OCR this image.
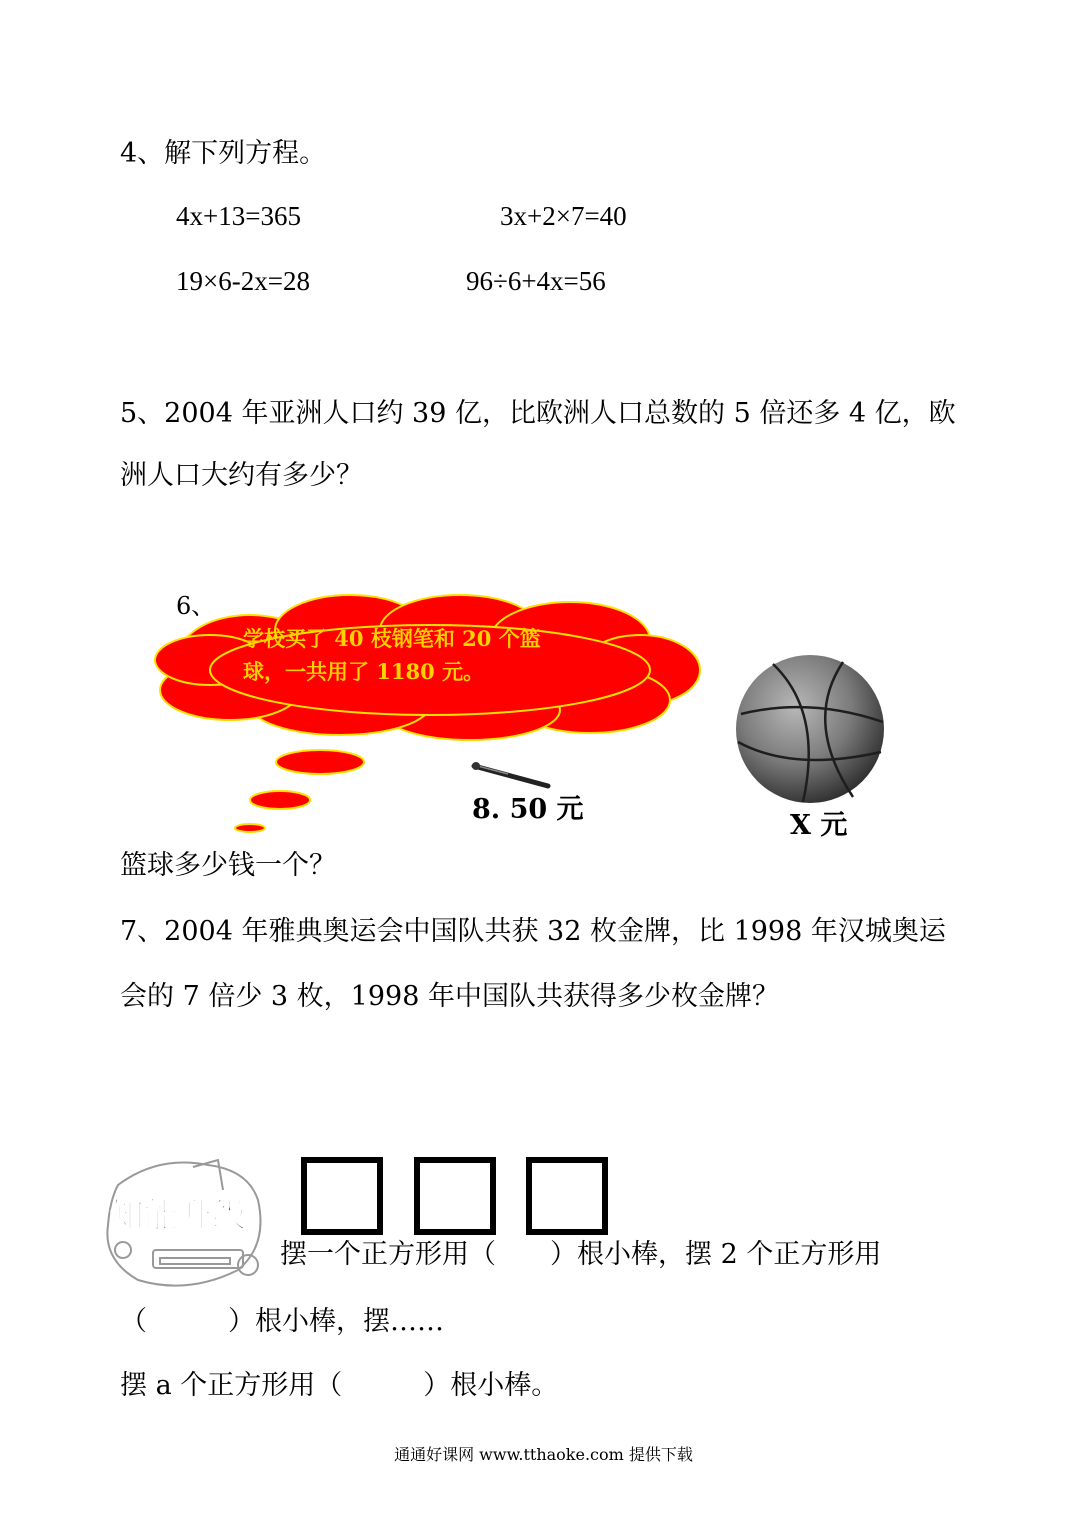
4、解下列方程。
4x+13=365	3x+2×7=40
19×6-2x=28	96÷6+4x=56
5、2004 年亚洲人口约 39 亿，比欧洲人口总数的 5 倍还多 4 亿，欧
洲人口大约有多少？
6、
学校买了 40 枝钢笔和 20 个篮
球，一共用了 1180 元。
8. 50 元
X 元
篮球多少钱一个？
7、2004 年雅典奥运会中国队共获 32 枚金牌，比 1998 年汉城奥运
会的 7 倍少 3 枚，1998 年中国队共获得多少枚金牌？
知能升级
摆一个正方形用（　　）根小棒，摆 2 个正方形用
（　　　）根小棒，摆……
摆 a 个正方形用（　　　）根小棒。
通通好课网 www.tthaoke.com 提供下载
